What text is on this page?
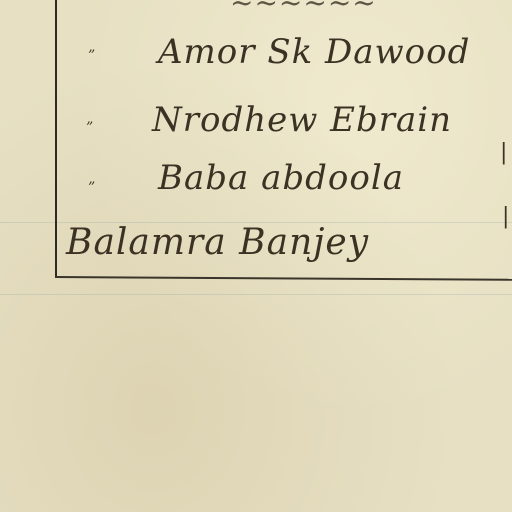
~~~~~~
” Amor Sk Dawood
” Nrodhew Ebrain
” Baba abdoola
Balamra Banjey
|
|
